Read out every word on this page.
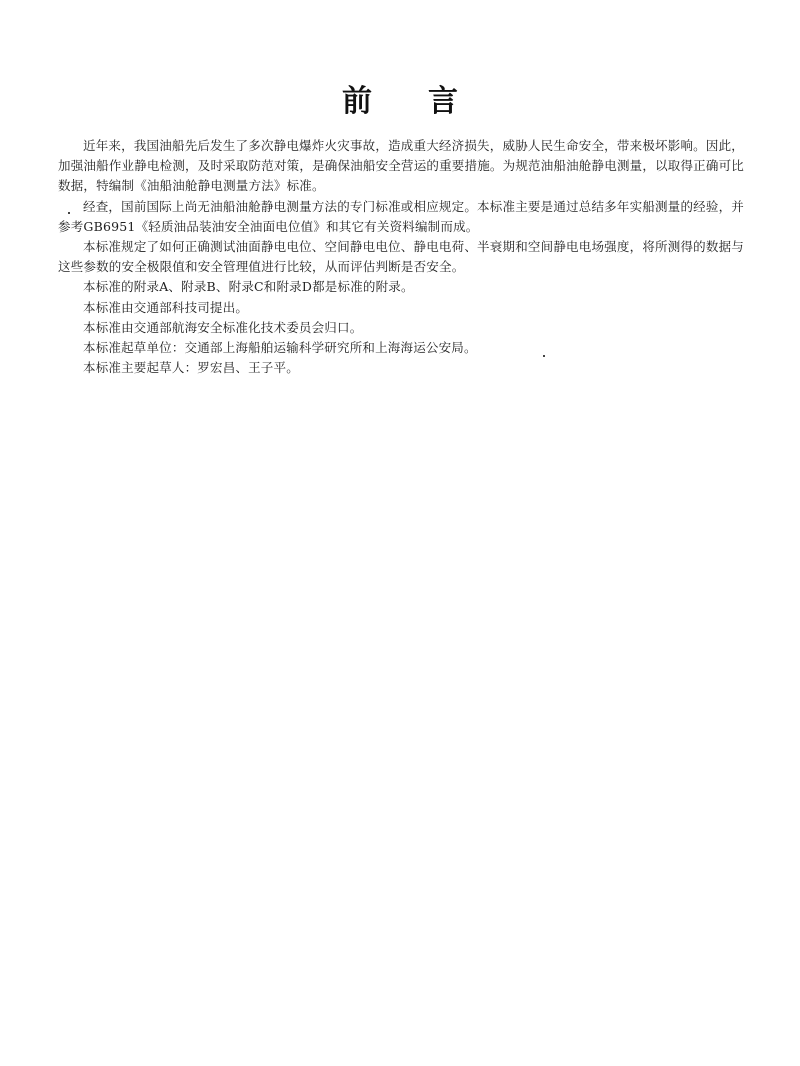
前言

近年来，我国油船先后发生了多次静电爆炸火灾事故，造成重大经济损失，威胁人民生命安全，带来极坏影响。因此，加强油船作业静电检测，及时采取防范对策，是确保油船安全营运的重要措施。为规范油船油舱静电测量，以取得正确可比数据，特编制《油船油舱静电测量方法》标准。

经查，国前国际上尚无油船油舱静电测量方法的专门标准或相应规定。本标准主要是通过总结多年实船测量的经验，并参考GB6951《轻质油品装油安全油面电位值》和其它有关资料编制而成。

本标准规定了如何正确测试油面静电电位、空间静电电位、静电电荷、半衰期和空间静电电场强度，将所测得的数据与这些参数的安全极限值和安全管理值进行比较，从而评估判断是否安全。

本标准的附录A、附录B、附录C和附录D都是标准的附录。

本标准由交通部科技司提出。

本标准由交通部航海安全标准化技术委员会归口。

本标准起草单位：交通部上海船舶运输科学研究所和上海海运公安局。

本标准主要起草人：罗宏昌、王子平。
